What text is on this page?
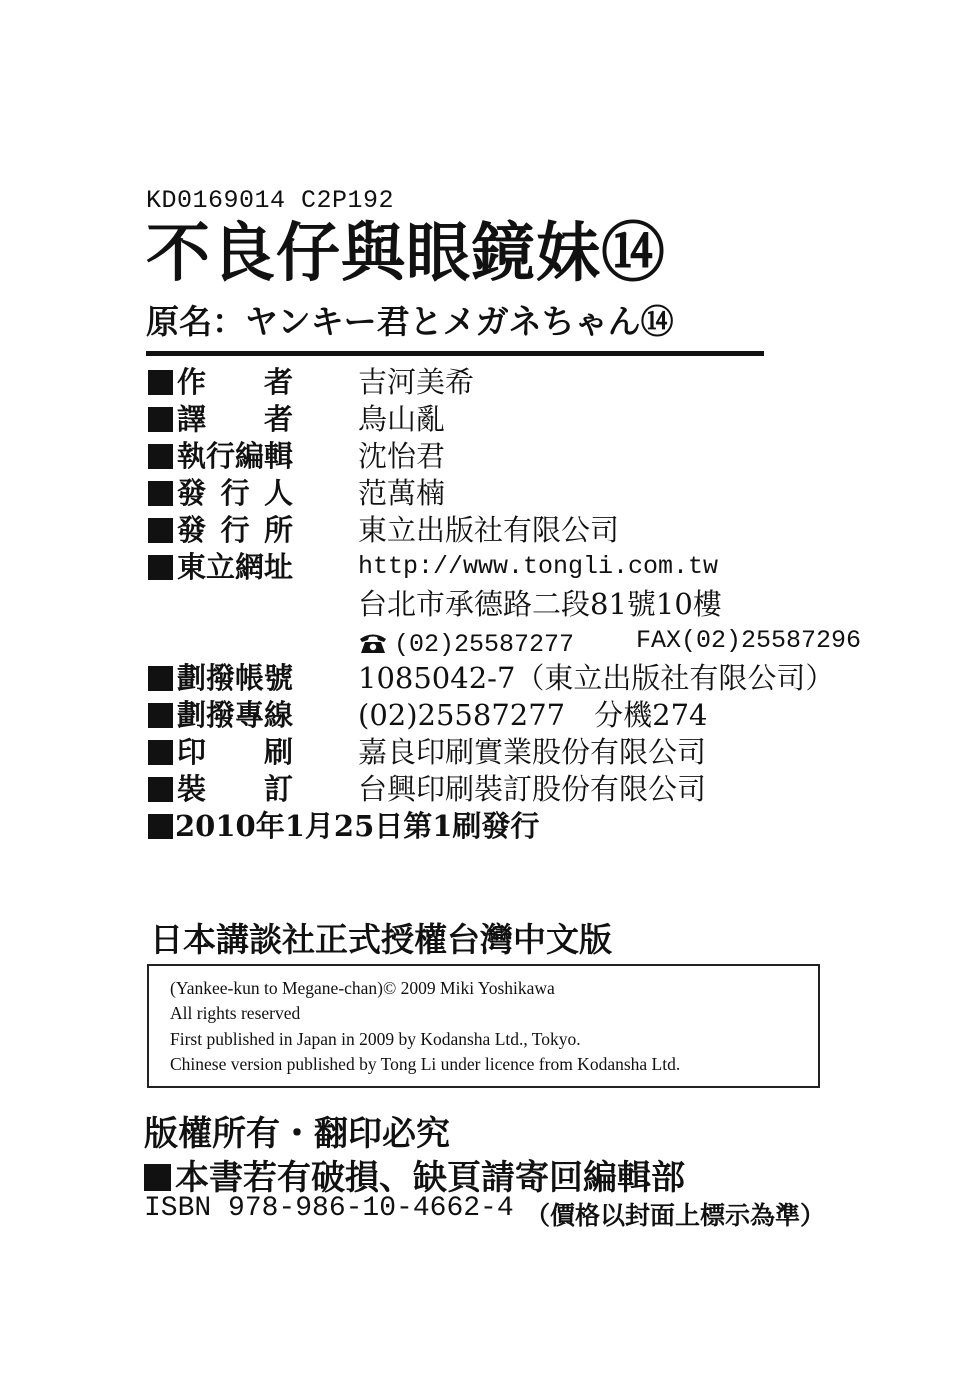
KD0169014 C2P192
不良仔與眼鏡妹⑭
原名：ヤンキー君とメガネちゃん⑭
作者	吉河美希
譯者	鳥山亂
執行編輯	沈怡君
發行人	范萬楠
發行所	東立出版社有限公司
東立網址	http://www.tongli.com.tw
台北市承德路二段81號10樓
(02)25587277 FAX(02)25587296
劃撥帳號	1085042-7（東立出版社有限公司）
劃撥專線	(02)25587277　分機274
印刷	嘉良印刷實業股份有限公司
裝訂	台興印刷裝訂股份有限公司
2010年1月25日第1刷發行
日本講談社正式授權台灣中文版
(Yankee-kun to Megane-chan)© 2009 Miki Yoshikawa
All rights reserved
First published in Japan in 2009 by Kodansha Ltd., Tokyo.
Chinese version published by Tong Li under licence from Kodansha Ltd.
版權所有・翻印必究
本書若有破損、缺頁請寄回編輯部
ISBN 978-986-10-4662-4 （價格以封面上標示為準）
